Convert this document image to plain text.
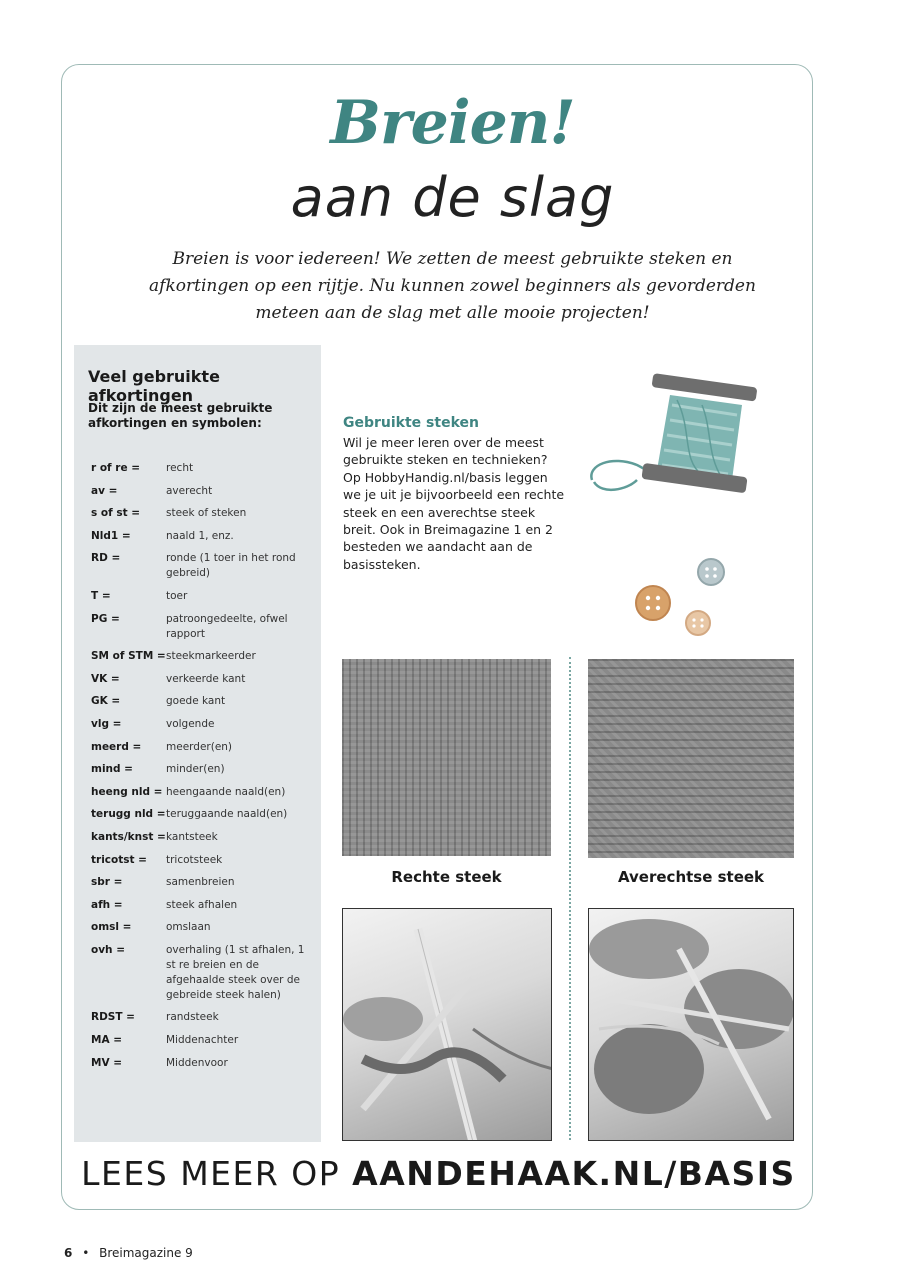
Breien!
aan de slag
Breien is voor iedereen! We zetten de meest gebruikte steken en afkortingen op een rijtje. Nu kunnen zowel beginners als gevorderden meteen aan de slag met alle mooie projecten!
Veel gebruikte afkortingen
Dit zijn de meest gebruikte afkortingen en symbolen:
r of re =	recht
av =	averecht
s of st =	steek of steken
Nld1 =	naald 1, enz.
RD =	ronde (1 toer in het rond gebreid)
T =	toer
PG =	patroongedeelte, ofwel rapport
SM of STM = steekmarkeerder
VK =	verkeerde kant
GK =	goede kant
vlg =	volgende
meerd =	meerder(en)
mind =	minder(en)
heeng nld = heengaande naald(en)
terugg nld = teruggaande naald(en)
kants/knst = kantsteek
tricotst =	tricotsteek
sbr =	samenbreien
afh =	steek afhalen
omsl =	omslaan
ovh =	overhaling (1 st afhalen, 1 st re breien en de afgehaalde steek over de gebreide steek halen)
RDST =	randsteek
MA =	Middenachter
MV =	Middenvoor
Gebruikte steken
Wil je meer leren over de meest gebruikte steken en technieken? Op HobbyHandig.nl/basis leggen we je uit je bijvoorbeeld een rechte steek en een averechtse steek breit. Ook in Breimagazine 1 en 2 besteden we aandacht aan de basissteken.
Rechte steek	Averechtse steek
LEES MEER OP AANDEHAAK.NL/BASIS
6 • Breimagazine 9
